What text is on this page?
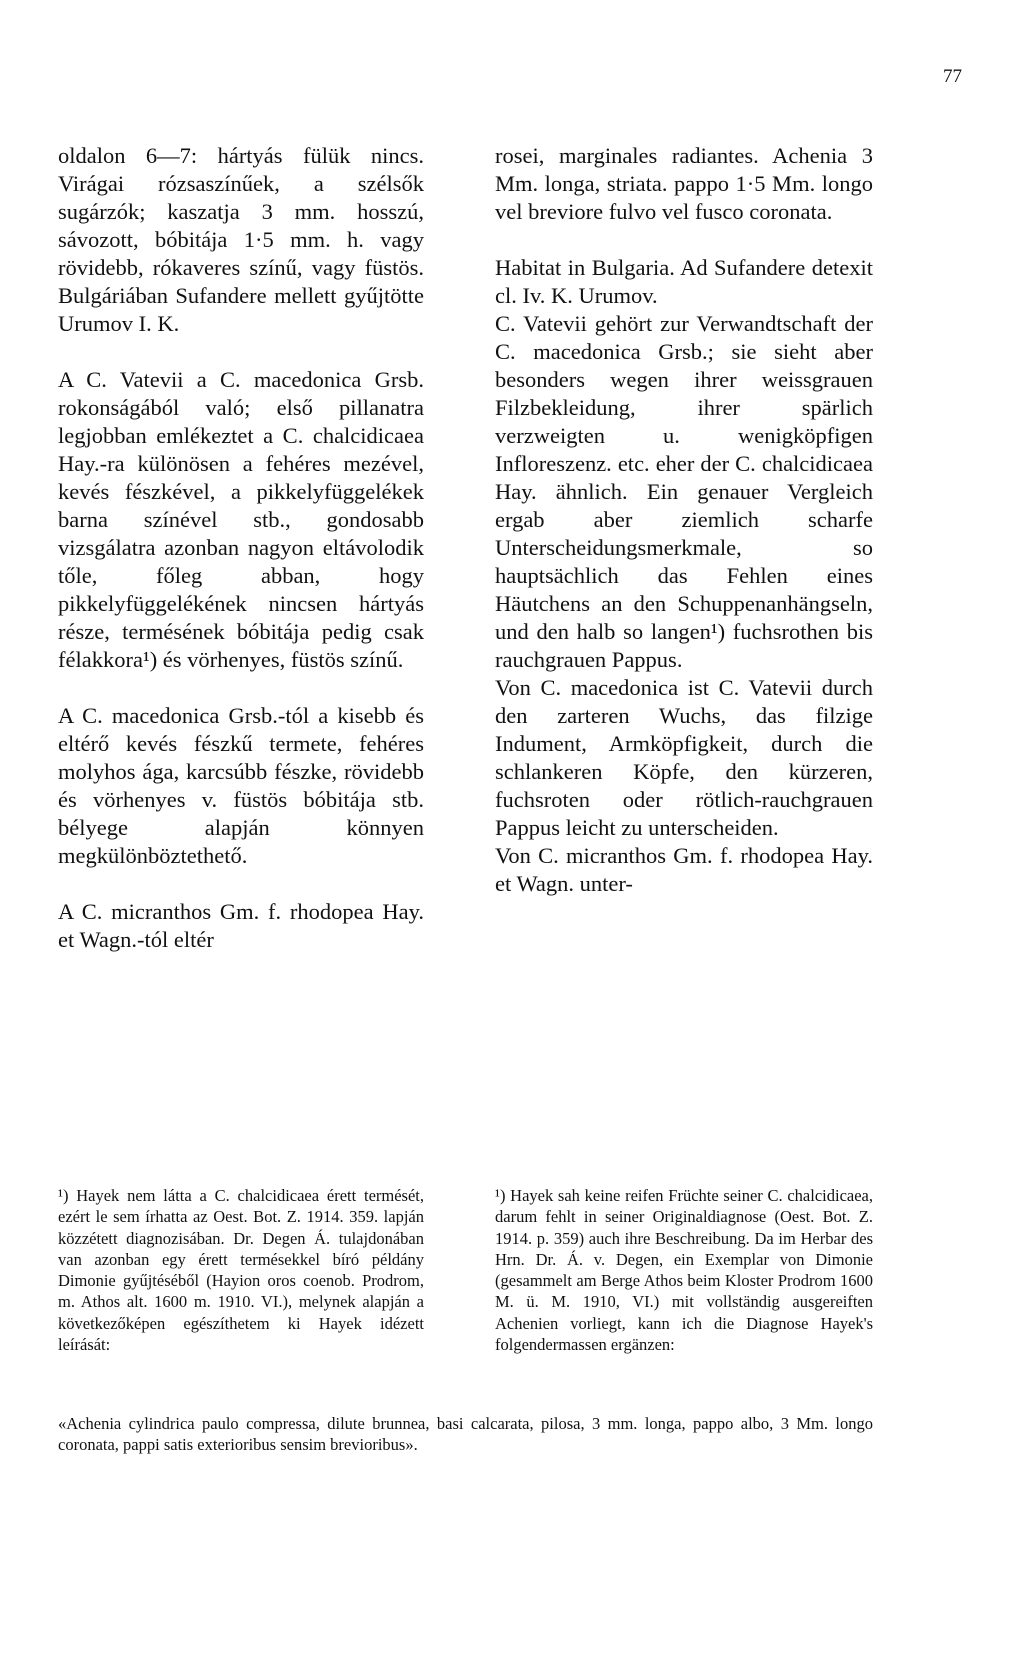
77

oldalon 6—7: hártyás fülük nincs. Virágai rózsaszínűek, a szélsők sugárzók; kaszatja 3 mm. hosszú, sávozott, bóbitája 1·5 mm. h. vagy rövidebb, rókaveres színű, vagy füstös. Bulgáriában Sufandere mellett gyűjtötte Urumov I. K.

A C. Vatevii a C. macedonica Grsb. rokonságából való; első pillanatra legjobban emlékeztet a C. chalcidicaea Hay.-ra különösen a fehéres mezével, kevés fészkével, a pikkelyfüggelékek barna színével stb., gondosabb vizsgálatra azonban nagyon eltávolodik tőle, főleg abban, hogy pikkelyfüggelékének nincsen hártyás része, termésének bóbitája pedig csak félakkora¹) és vörhenyes, füstös színű.

A C. macedonica Grsb.-tól a kisebb és eltérő kevés fészkű termete, fehéres molyhos ága, karcsúbb fészke, rövidebb és vörhenyes v. füstös bóbitája stb. bélyege alapján könnyen megkülönböztethető.

A C. micranthos Gm. f. rhodopea Hay. et Wagn.-tól eltér

rosei, marginales radiantes. Achenia 3 Mm. longa, striata. pappo 1·5 Mm. longo vel breviore fulvo vel fusco coronata.

Habitat in Bulgaria. Ad Sufandere detexit cl. Iv. K. Urumov.

C. Vatevii gehört zur Verwandtschaft der C. macedonica Grsb.; sie sieht aber besonders wegen ihrer weissgrauen Filzbekleidung, ihrer spärlich verzweigten u. wenigköpfigen Infloreszenz. etc. eher der C. chalcidicaea Hay. ähnlich. Ein genauer Vergleich ergab aber ziemlich scharfe Unterscheidungsmerkmale, so hauptsächlich das Fehlen eines Häutchens an den Schuppenanhängseln, und den halb so langen¹) fuchsrothen bis rauchgrauen Pappus.

Von C. macedonica ist C. Vatevii durch den zarteren Wuchs, das filzige Indument, Armköpfigkeit, durch die schlankeren Köpfe, den kürzeren, fuchsroten oder rötlich-rauchgrauen Pappus leicht zu unterscheiden.

Von C. micranthos Gm. f. rhodopea Hay. et Wagn. unter-

¹) Hayek nem látta a C. chalcidicaea érett termését, ezért le sem írhatta az Oest. Bot. Z. 1914. 359. lapján közzétett diagnozisában. Dr. Degen Á. tulajdonában van azonban egy érett termésekkel bíró példány Dimonie gyűjtéséből (Hayion oros coenob. Prodrom, m. Athos alt. 1600 m. 1910. VI.), melynek alapján a következőképen egészíthetem ki Hayek idézett leírását:

¹) Hayek sah keine reifen Früchte seiner C. chalcidicaea, darum fehlt in seiner Originaldiagnose (Oest. Bot. Z. 1914. p. 359) auch ihre Beschreibung. Da im Herbar des Hrn. Dr. Á. v. Degen, ein Exemplar von Dimonie (gesammelt am Berge Athos beim Kloster Prodrom 1600 M. ü. M. 1910, VI.) mit vollständig ausgereiften Achenien vorliegt, kann ich die Diagnose Hayek's folgendermassen ergänzen:

«Achenia cylindrica paulo compressa, dilute brunnea, basi calcarata, pilosa, 3 mm. longa, pappo albo, 3 Mm. longo coronata, pappi satis exterioribus sensim brevioribus».
